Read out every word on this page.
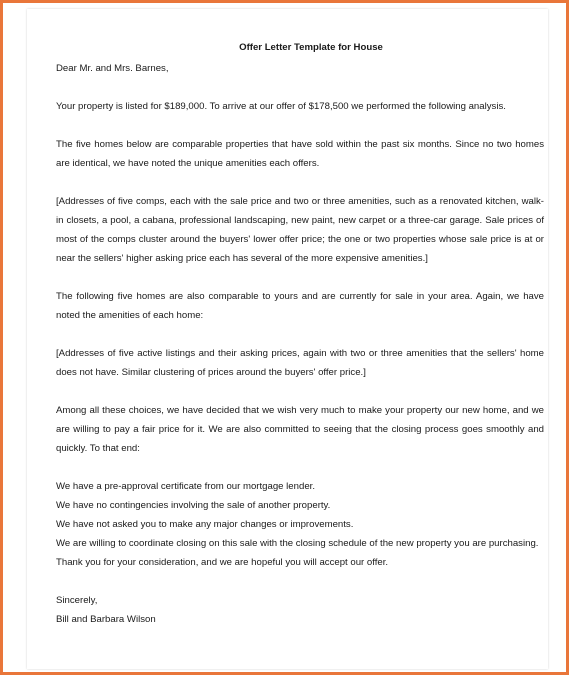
Offer Letter Template for House

Dear Mr. and Mrs. Barnes,

Your property is listed for $189,000. To arrive at our offer of $178,500 we performed the following analysis.

The five homes below are comparable properties that have sold within the past six months. Since no two homes are identical, we have noted the unique amenities each offers.

[Addresses of five comps, each with the sale price and two or three amenities, such as a renovated kitchen, walk-in closets, a pool, a cabana, professional landscaping, new paint, new carpet or a three-car garage. Sale prices of most of the comps cluster around the buyers' lower offer price; the one or two properties whose sale price is at or near the sellers' higher asking price each has several of the more expensive amenities.]

The following five homes are also comparable to yours and are currently for sale in your area. Again, we have noted the amenities of each home:

[Addresses of five active listings and their asking prices, again with two or three amenities that the sellers' home does not have. Similar clustering of prices around the buyers' offer price.]

Among all these choices, we have decided that we wish very much to make your property our new home, and we are willing to pay a fair price for it. We are also committed to seeing that the closing process goes smoothly and quickly. To that end:

We have a pre-approval certificate from our mortgage lender.

We have no contingencies involving the sale of another property.

We have not asked you to make any major changes or improvements.

We are willing to coordinate closing on this sale with the closing schedule of the new property you are purchasing.

Thank you for your consideration, and we are hopeful you will accept our offer.

Sincerely,

Bill and Barbara Wilson
